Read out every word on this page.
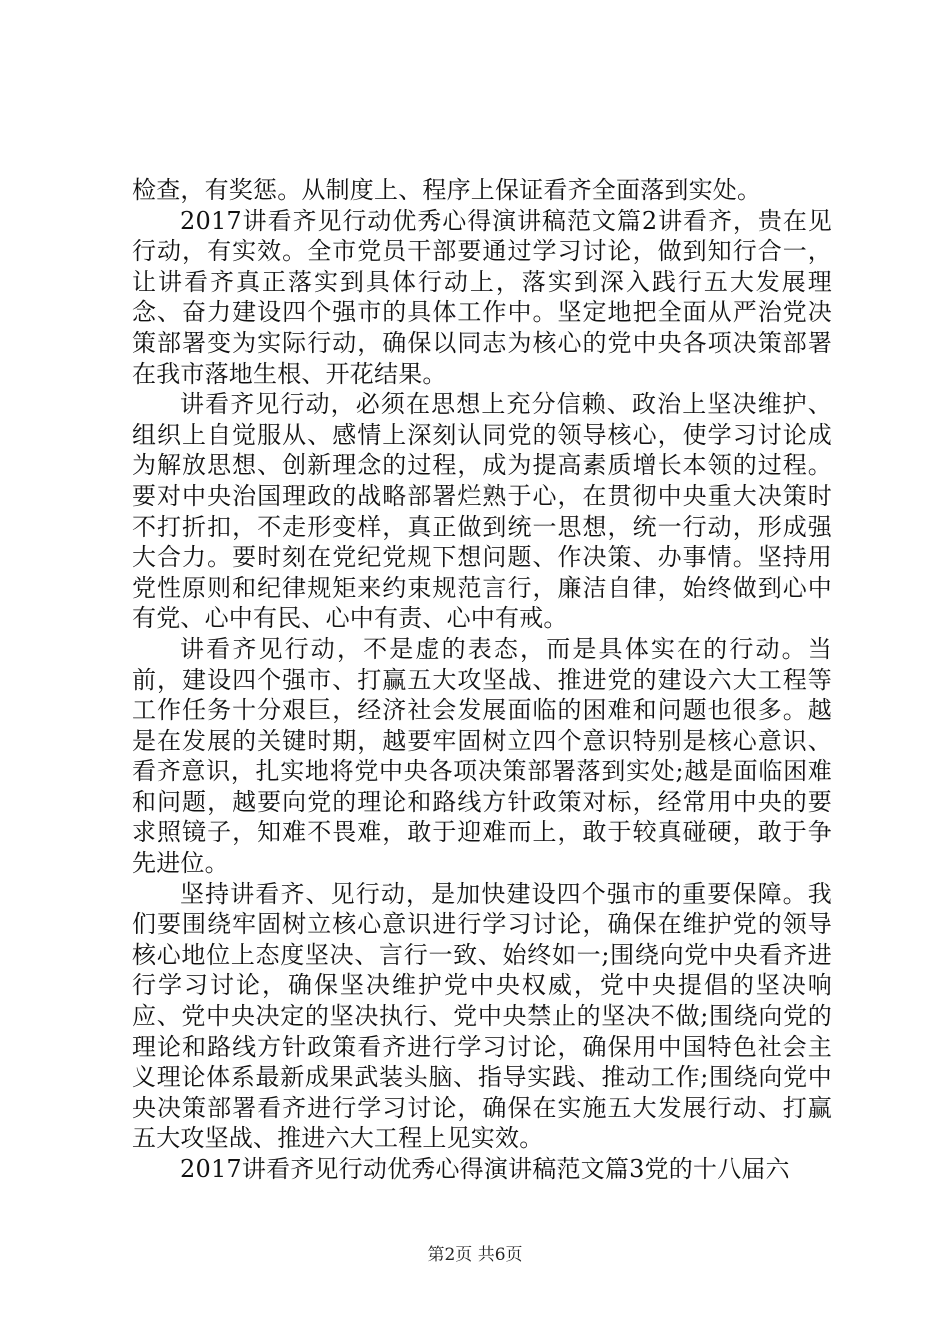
检查，有奖惩。从制度上、程序上保证看齐全面落到实处。

2017讲看齐见行动优秀心得演讲稿范文篇2讲看齐，贵在见行动，有实效。全市党员干部要通过学习讨论，做到知行合一，让讲看齐真正落实到具体行动上，落实到深入践行五大发展理念、奋力建设四个强市的具体工作中。坚定地把全面从严治党决策部署变为实际行动，确保以同志为核心的党中央各项决策部署在我市落地生根、开花结果。

讲看齐见行动，必须在思想上充分信赖、政治上坚决维护、组织上自觉服从、感情上深刻认同党的领导核心，使学习讨论成为解放思想、创新理念的过程，成为提高素质增长本领的过程。要对中央治国理政的战略部署烂熟于心，在贯彻中央重大决策时不打折扣，不走形变样，真正做到统一思想，统一行动，形成强大合力。要时刻在党纪党规下想问题、作决策、办事情。坚持用党性原则和纪律规矩来约束规范言行，廉洁自律，始终做到心中有党、心中有民、心中有责、心中有戒。

讲看齐见行动，不是虚的表态，而是具体实在的行动。当前，建设四个强市、打赢五大攻坚战、推进党的建设六大工程等工作任务十分艰巨，经济社会发展面临的困难和问题也很多。越是在发展的关键时期，越要牢固树立四个意识特别是核心意识、看齐意识，扎实地将党中央各项决策部署落到实处;越是面临困难和问题，越要向党的理论和路线方针政策对标，经常用中央的要求照镜子，知难不畏难，敢于迎难而上，敢于较真碰硬，敢于争先进位。

坚持讲看齐、见行动，是加快建设四个强市的重要保障。我们要围绕牢固树立核心意识进行学习讨论，确保在维护党的领导核心地位上态度坚决、言行一致、始终如一;围绕向党中央看齐进行学习讨论，确保坚决维护党中央权威，党中央提倡的坚决响应、党中央决定的坚决执行、党中央禁止的坚决不做;围绕向党的理论和路线方针政策看齐进行学习讨论，确保用中国特色社会主义理论体系最新成果武装头脑、指导实践、推动工作;围绕向党中央决策部署看齐进行学习讨论，确保在实施五大发展行动、打赢五大攻坚战、推进六大工程上见实效。

2017讲看齐见行动优秀心得演讲稿范文篇3党的十八届六

第2页 共6页
